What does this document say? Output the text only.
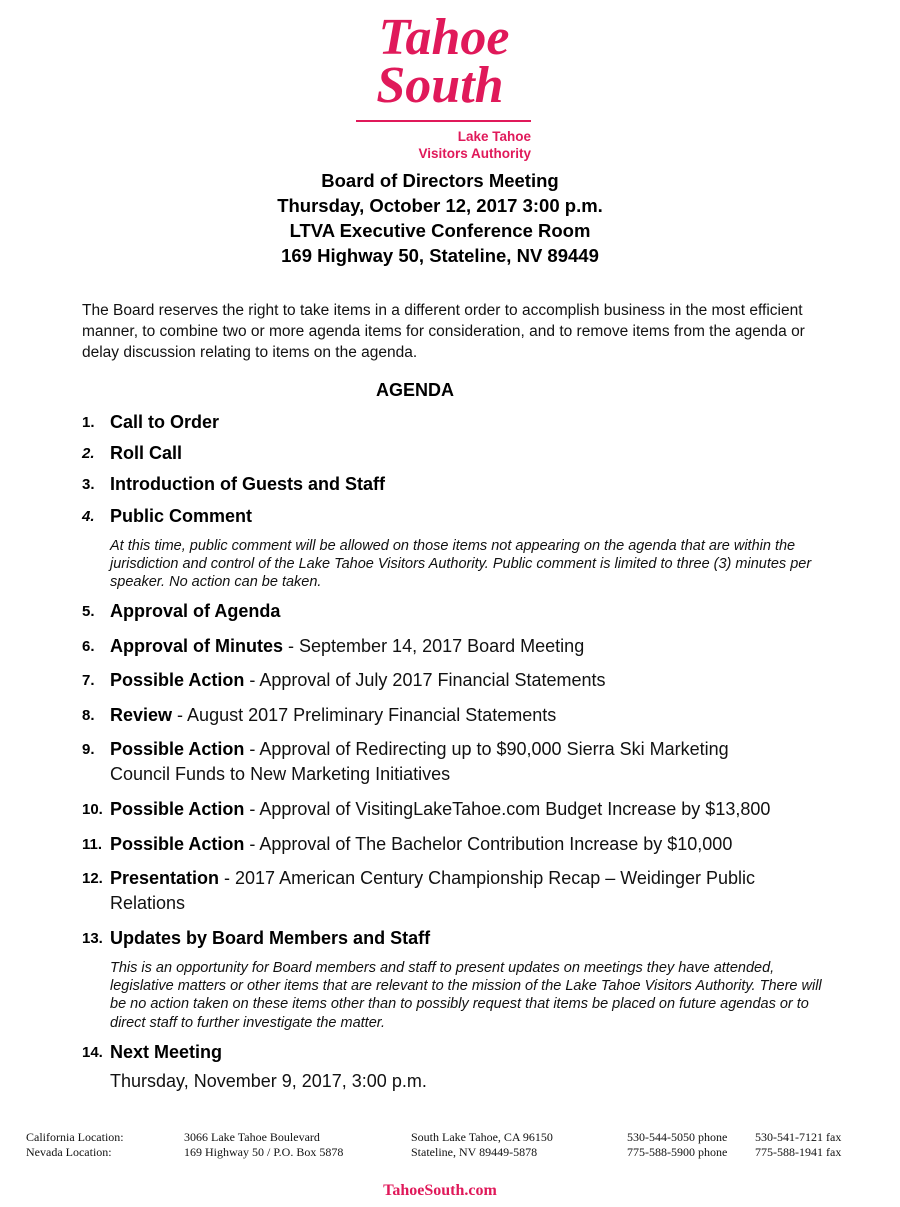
Tahoe
South
Lake Tahoe
Visitors Authority
Board of Directors Meeting
Thursday, October 12, 2017 3:00 p.m.
LTVA Executive Conference Room
169 Highway 50, Stateline, NV 89449
The Board reserves the right to take items in a different order to accomplish business in the most efficient manner, to combine two or more agenda items for consideration, and to remove items from the agenda or delay discussion relating to items on the agenda.
AGENDA
1. Call to Order
2. Roll Call
3. Introduction of Guests and Staff
4. Public Comment
At this time, public comment will be allowed on those items not appearing on the agenda that are within the jurisdiction and control of the Lake Tahoe Visitors Authority. Public comment is limited to three (3) minutes per speaker. No action can be taken.
5. Approval of Agenda
6. Approval of Minutes - September 14, 2017 Board Meeting
7. Possible Action - Approval of July 2017 Financial Statements
8. Review - August 2017 Preliminary Financial Statements
9. Possible Action - Approval of Redirecting up to $90,000 Sierra Ski Marketing Council Funds to New Marketing Initiatives
10. Possible Action - Approval of VisitingLakeTahoe.com Budget Increase by $13,800
11. Possible Action - Approval of The Bachelor Contribution Increase by $10,000
12. Presentation - 2017 American Century Championship Recap – Weidinger Public Relations
13. Updates by Board Members and Staff
This is an opportunity for Board members and staff to present updates on meetings they have attended, legislative matters or other items that are relevant to the mission of the Lake Tahoe Visitors Authority. There will be no action taken on these items other than to possibly request that items be placed on future agendas or to direct staff to further investigate the matter.
14. Next Meeting
Thursday, November 9, 2017, 3:00 p.m.
California Location:
Nevada Location:
3066 Lake Tahoe Boulevard
169 Highway 50 / P.O. Box 5878
South Lake Tahoe, CA 96150
Stateline, NV 89449-5878
530-544-5050 phone
775-588-5900 phone
530-541-7121 fax
775-588-1941 fax
TahoeSouth.com
